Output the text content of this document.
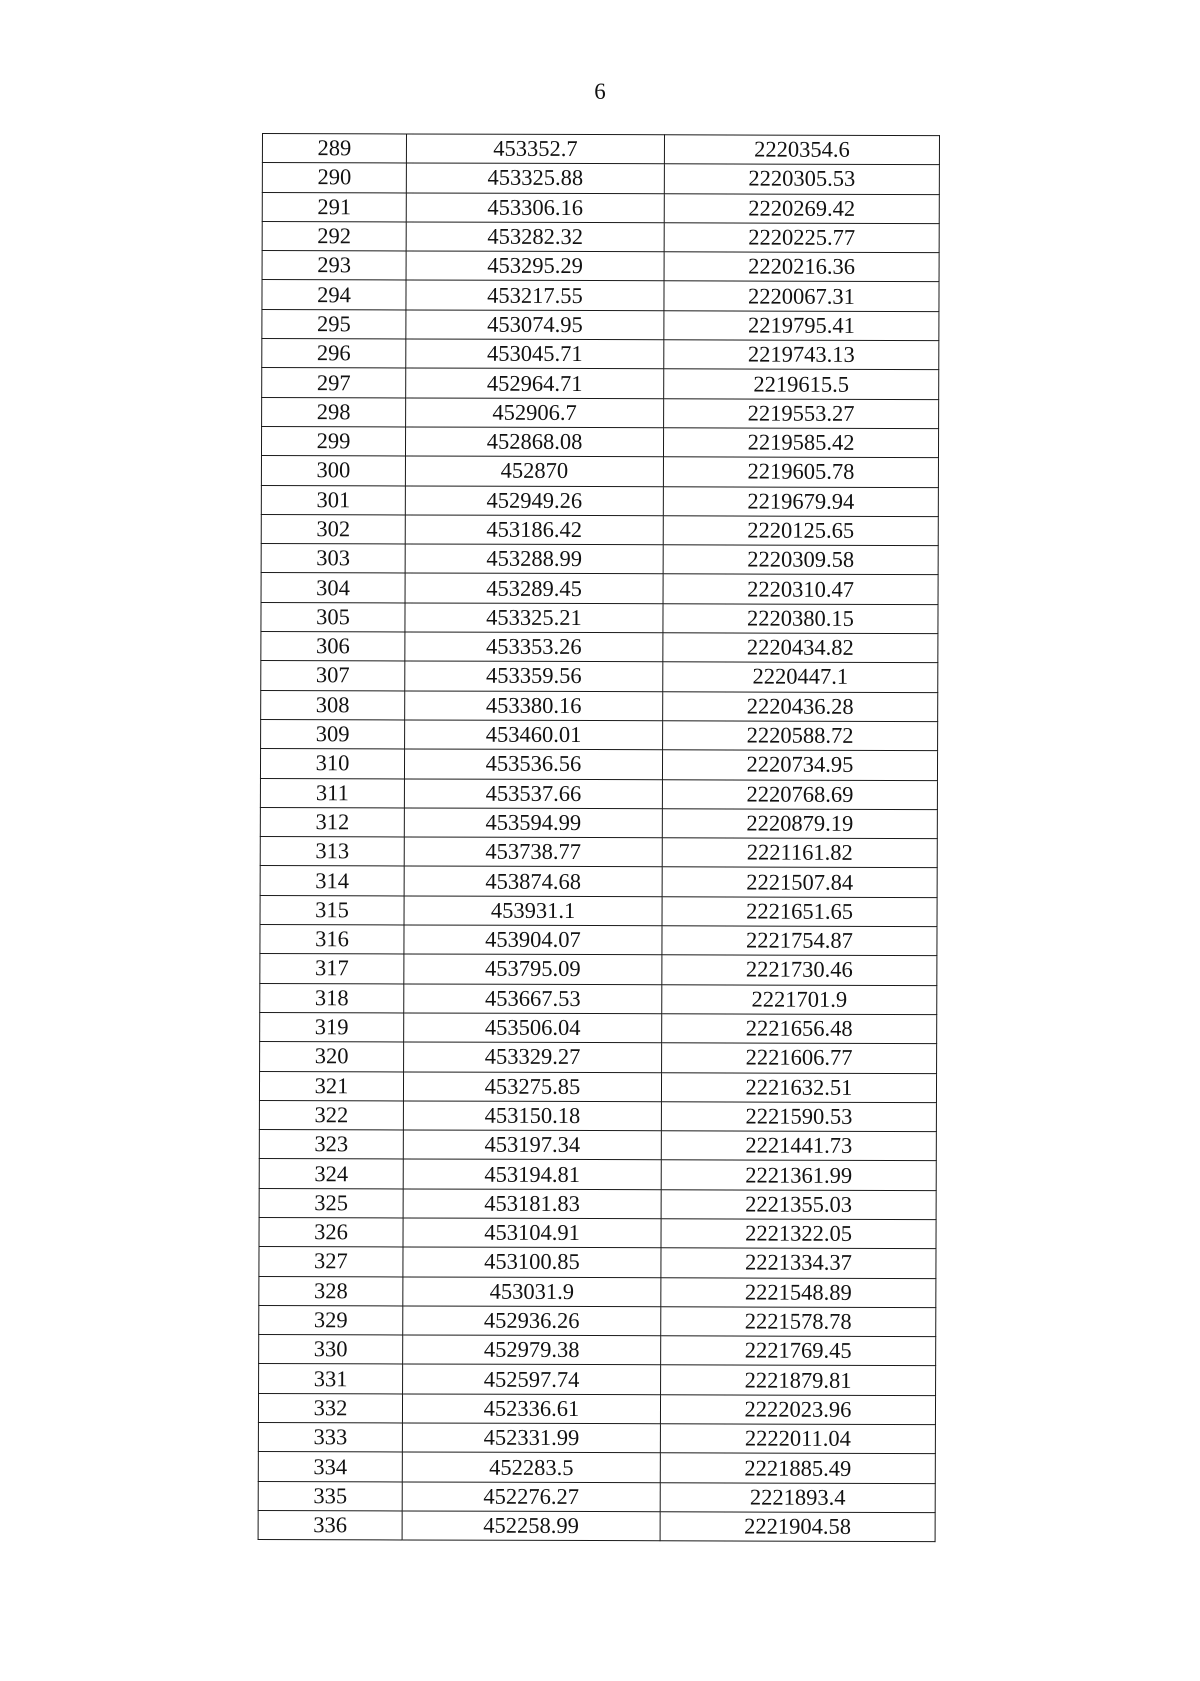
6
289	453352.7	2220354.6
290	453325.88	2220305.53
291	453306.16	2220269.42
292	453282.32	2220225.77
293	453295.29	2220216.36
294	453217.55	2220067.31
295	453074.95	2219795.41
296	453045.71	2219743.13
297	452964.71	2219615.5
298	452906.7	2219553.27
299	452868.08	2219585.42
300	452870	2219605.78
301	452949.26	2219679.94
302	453186.42	2220125.65
303	453288.99	2220309.58
304	453289.45	2220310.47
305	453325.21	2220380.15
306	453353.26	2220434.82
307	453359.56	2220447.1
308	453380.16	2220436.28
309	453460.01	2220588.72
310	453536.56	2220734.95
311	453537.66	2220768.69
312	453594.99	2220879.19
313	453738.77	2221161.82
314	453874.68	2221507.84
315	453931.1	2221651.65
316	453904.07	2221754.87
317	453795.09	2221730.46
318	453667.53	2221701.9
319	453506.04	2221656.48
320	453329.27	2221606.77
321	453275.85	2221632.51
322	453150.18	2221590.53
323	453197.34	2221441.73
324	453194.81	2221361.99
325	453181.83	2221355.03
326	453104.91	2221322.05
327	453100.85	2221334.37
328	453031.9	2221548.89
329	452936.26	2221578.78
330	452979.38	2221769.45
331	452597.74	2221879.81
332	452336.61	2222023.96
333	452331.99	2222011.04
334	452283.5	2221885.49
335	452276.27	2221893.4
336	452258.99	2221904.58
